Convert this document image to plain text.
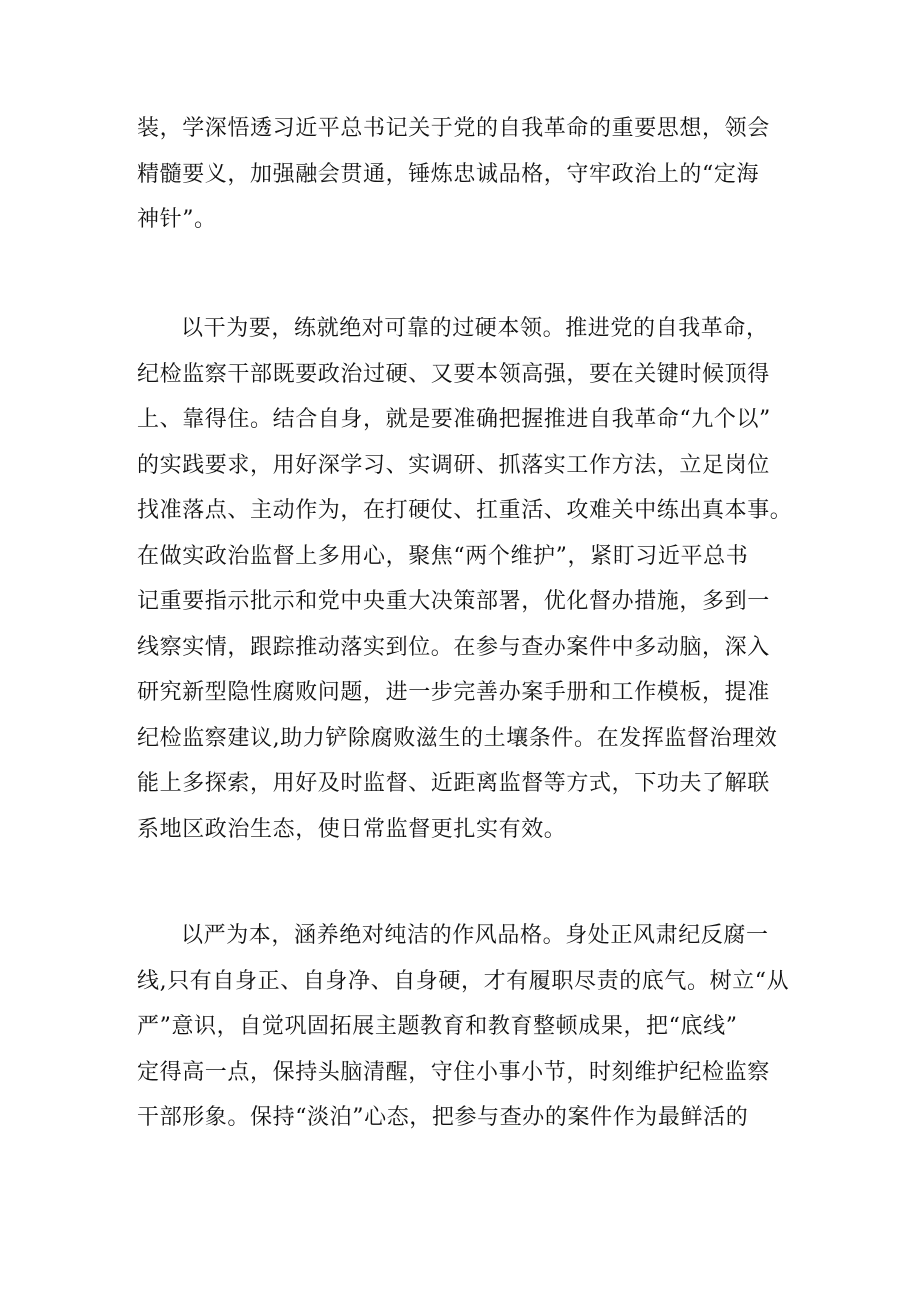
装，学深悟透习近平总书记关于党的自我革命的重要思想，领会
精髓要义，加强融会贯通，锤炼忠诚品格，守牢政治上的“定海
神针”。
以干为要，练就绝对可靠的过硬本领。推进党的自我革命，
纪检监察干部既要政治过硬、又要本领高强，要在关键时候顶得
上、靠得住。结合自身，就是要准确把握推进自我革命“九个以”
的实践要求，用好深学习、实调研、抓落实工作方法，立足岗位
找准落点、主动作为，在打硬仗、扛重活、攻难关中练出真本事。
在做实政治监督上多用心，聚焦“两个维护”，紧盯习近平总书
记重要指示批示和党中央重大决策部署，优化督办措施，多到一
线察实情，跟踪推动落实到位。在参与查办案件中多动脑，深入
研究新型隐性腐败问题，进一步完善办案手册和工作模板，提准
纪检监察建议,助力铲除腐败滋生的土壤条件。在发挥监督治理效
能上多探索，用好及时监督、近距离监督等方式，下功夫了解联
系地区政治生态，使日常监督更扎实有效。
以严为本，涵养绝对纯洁的作风品格。身处正风肃纪反腐一
线,只有自身正、自身净、自身硬，才有履职尽责的底气。树立“从
严”意识，自觉巩固拓展主题教育和教育整顿成果，把“底线”
定得高一点，保持头脑清醒，守住小事小节，时刻维护纪检监察
干部形象。保持“淡泊”心态，把参与查办的案件作为最鲜活的
